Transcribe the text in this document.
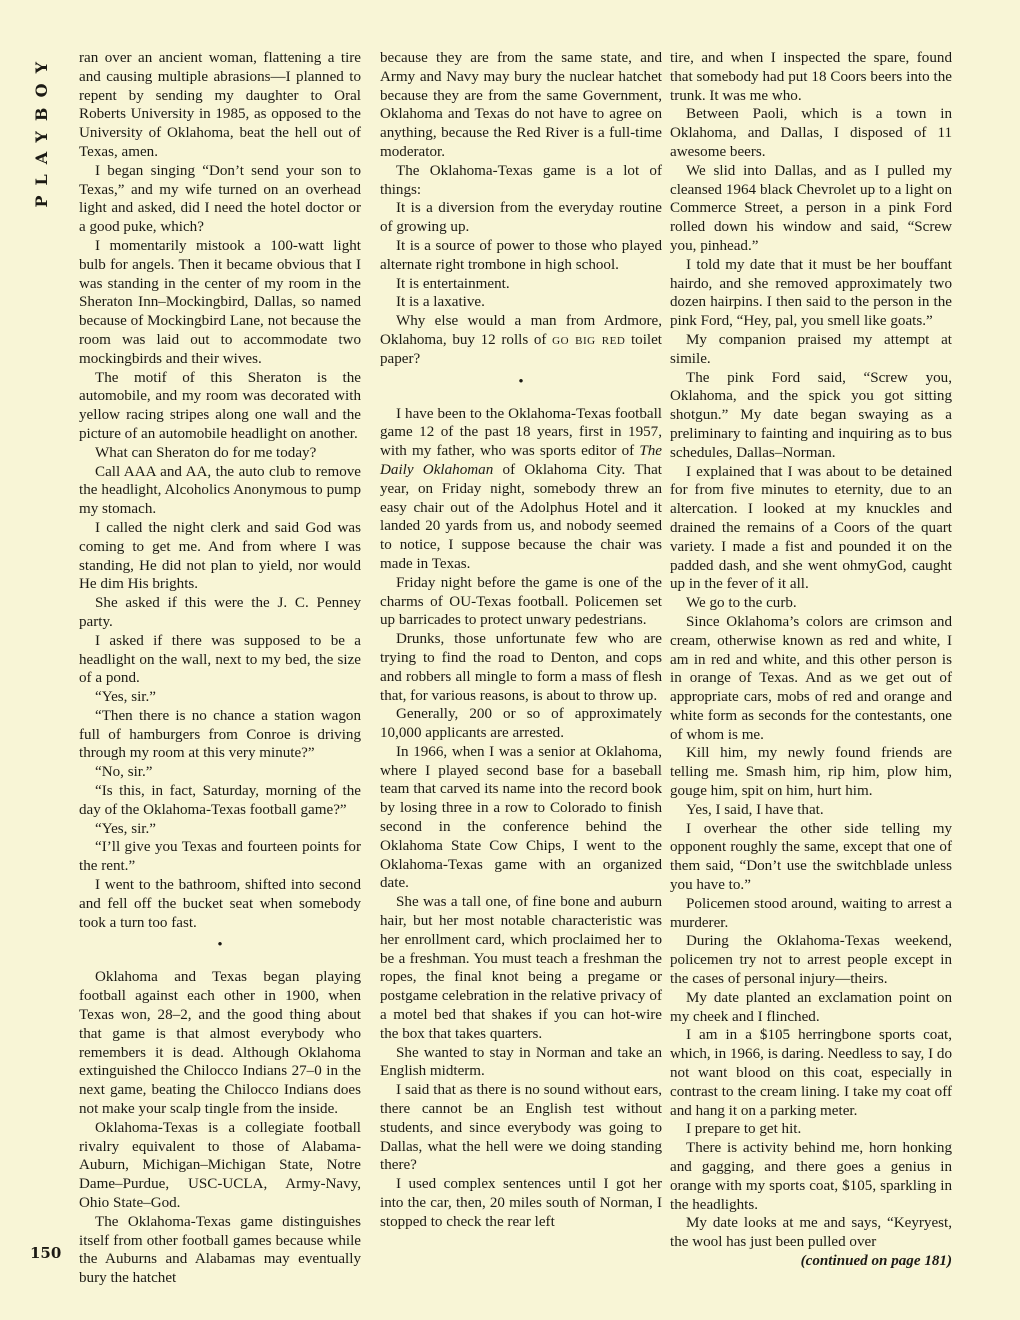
PLAYBOY
150

ran over an ancient woman, flattening a tire and causing multiple abrasions—I planned to repent by sending my daughter to Oral Roberts University in 1985, as opposed to the University of Oklahoma, beat the hell out of Texas, amen.

I began singing “Don’t send your son to Texas,” and my wife turned on an overhead light and asked, did I need the hotel doctor or a good puke, which?

I momentarily mistook a 100-watt light bulb for angels. Then it became obvious that I was standing in the center of my room in the Sheraton Inn–Mockingbird, Dallas, so named because of Mockingbird Lane, not because the room was laid out to accommodate two mockingbirds and their wives.

The motif of this Sheraton is the automobile, and my room was decorated with yellow racing stripes along one wall and the picture of an automobile headlight on another.

What can Sheraton do for me today?

Call AAA and AA, the auto club to remove the headlight, Alcoholics Anonymous to pump my stomach.

I called the night clerk and said God was coming to get me. And from where I was standing, He did not plan to yield, nor would He dim His brights.

She asked if this were the J. C. Penney party.

I asked if there was supposed to be a headlight on the wall, next to my bed, the size of a pond.

“Yes, sir.”

“Then there is no chance a station wagon full of hamburgers from Conroe is driving through my room at this very minute?”

“No, sir.”

“Is this, in fact, Saturday, morning of the day of the Oklahoma-Texas football game?”

“Yes, sir.”

“I’ll give you Texas and fourteen points for the rent.”

I went to the bathroom, shifted into second and fell off the bucket seat when somebody took a turn too fast.

•

Oklahoma and Texas began playing football against each other in 1900, when Texas won, 28–2, and the good thing about that game is that almost everybody who remembers it is dead. Although Oklahoma extinguished the Chilocco Indians 27–0 in the next game, beating the Chilocco Indians does not make your scalp tingle from the inside.

Oklahoma-Texas is a collegiate football rivalry equivalent to those of Alabama-Auburn, Michigan–Michigan State, Notre Dame–Purdue, USC-UCLA, Army-Navy, Ohio State–God.

The Oklahoma-Texas game distinguishes itself from other football games because while the Auburns and Alabamas may eventually bury the hatchet

because they are from the same state, and Army and Navy may bury the nuclear hatchet because they are from the same Government, Oklahoma and Texas do not have to agree on anything, because the Red River is a full-time moderator.

The Oklahoma-Texas game is a lot of things:

It is a diversion from the everyday routine of growing up.

It is a source of power to those who played alternate right trombone in high school.

It is entertainment.

It is a laxative.

Why else would a man from Ardmore, Oklahoma, buy 12 rolls of go big red toilet paper?

•

I have been to the Oklahoma-Texas football game 12 of the past 18 years, first in 1957, with my father, who was sports editor of The Daily Oklahoman of Oklahoma City. That year, on Friday night, somebody threw an easy chair out of the Adolphus Hotel and it landed 20 yards from us, and nobody seemed to notice, I suppose because the chair was made in Texas.

Friday night before the game is one of the charms of OU-Texas football. Policemen set up barricades to protect unwary pedestrians.

Drunks, those unfortunate few who are trying to find the road to Denton, and cops and robbers all mingle to form a mass of flesh that, for various reasons, is about to throw up.

Generally, 200 or so of approximately 10,000 applicants are arrested.

In 1966, when I was a senior at Oklahoma, where I played second base for a baseball team that carved its name into the record book by losing three in a row to Colorado to finish second in the conference behind the Oklahoma State Cow Chips, I went to the Oklahoma-Texas game with an organized date.

She was a tall one, of fine bone and auburn hair, but her most notable characteristic was her enrollment card, which proclaimed her to be a freshman. You must teach a freshman the ropes, the final knot being a pregame or postgame celebration in the relative privacy of a motel bed that shakes if you can hot-wire the box that takes quarters.

She wanted to stay in Norman and take an English midterm.

I said that as there is no sound without ears, there cannot be an English test without students, and since everybody was going to Dallas, what the hell were we doing standing there?

I used complex sentences until I got her into the car, then, 20 miles south of Norman, I stopped to check the rear left

tire, and when I inspected the spare, found that somebody had put 18 Coors beers into the trunk. It was me who.

Between Paoli, which is a town in Oklahoma, and Dallas, I disposed of 11 awesome beers.

We slid into Dallas, and as I pulled my cleansed 1964 black Chevrolet up to a light on Commerce Street, a person in a pink Ford rolled down his window and said, “Screw you, pinhead.”

I told my date that it must be her bouffant hairdo, and she removed approximately two dozen hairpins. I then said to the person in the pink Ford, “Hey, pal, you smell like goats.”

My companion praised my attempt at simile.

The pink Ford said, “Screw you, Oklahoma, and the spick you got sitting shotgun.” My date began swaying as a preliminary to fainting and inquiring as to bus schedules, Dallas–Norman.

I explained that I was about to be detained for from five minutes to eternity, due to an altercation. I looked at my knuckles and drained the remains of a Coors of the quart variety. I made a fist and pounded it on the padded dash, and she went ohmyGod, caught up in the fever of it all.

We go to the curb.

Since Oklahoma’s colors are crimson and cream, otherwise known as red and white, I am in red and white, and this other person is in orange of Texas. And as we get out of appropriate cars, mobs of red and orange and white form as seconds for the contestants, one of whom is me.

Kill him, my newly found friends are telling me. Smash him, rip him, plow him, gouge him, spit on him, hurt him.

Yes, I said, I have that.

I overhear the other side telling my opponent roughly the same, except that one of them said, “Don’t use the switchblade unless you have to.”

Policemen stood around, waiting to arrest a murderer.

During the Oklahoma-Texas weekend, policemen try not to arrest people except in the cases of personal injury—theirs.

My date planted an exclamation point on my cheek and I flinched.

I am in a $105 herringbone sports coat, which, in 1966, is daring. Needless to say, I do not want blood on this coat, especially in contrast to the cream lining. I take my coat off and hang it on a parking meter.

I prepare to get hit.

There is activity behind me, horn honking and gagging, and there goes a genius in orange with my sports coat, $105, sparkling in the headlights.

My date looks at me and says, “Keyryest, the wool has just been pulled over

(continued on page 181)
